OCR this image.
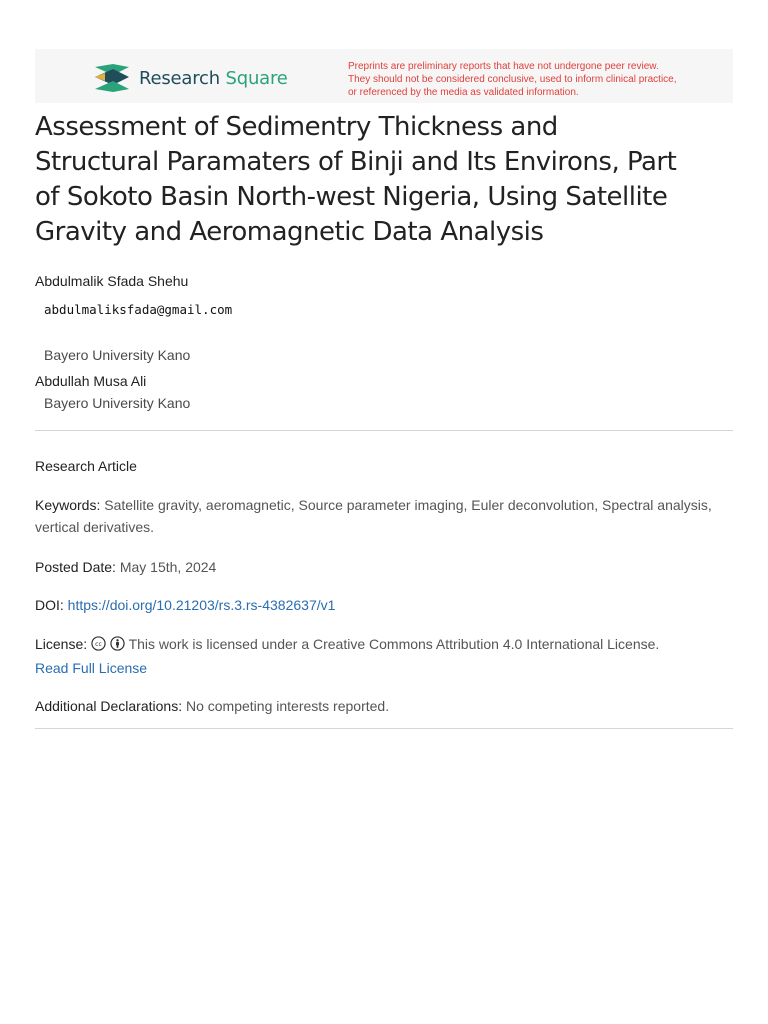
Research Square
Preprints are preliminary reports that have not undergone peer review.
They should not be considered conclusive, used to inform clinical practice,
or referenced by the media as validated information.
Assessment of Sedimentry Thickness and
Structural Paramaters of Binji and Its Environs, Part
of Sokoto Basin North-west Nigeria, Using Satellite
Gravity and Aeromagnetic Data Analysis
Abdulmalik Sfada Shehu
abdulmaliksfada@gmail.com
Bayero University Kano
Abdullah Musa Ali
Bayero University Kano
Research Article
Keywords: Satellite gravity, aeromagnetic, Source parameter imaging, Euler deconvolution, Spectral analysis, vertical derivatives.
Posted Date: May 15th, 2024
DOI: https://doi.org/10.21203/rs.3.rs-4382637/v1
License: cc This work is licensed under a Creative Commons Attribution 4.0 International License.
Read Full License
Additional Declarations: No competing interests reported.
